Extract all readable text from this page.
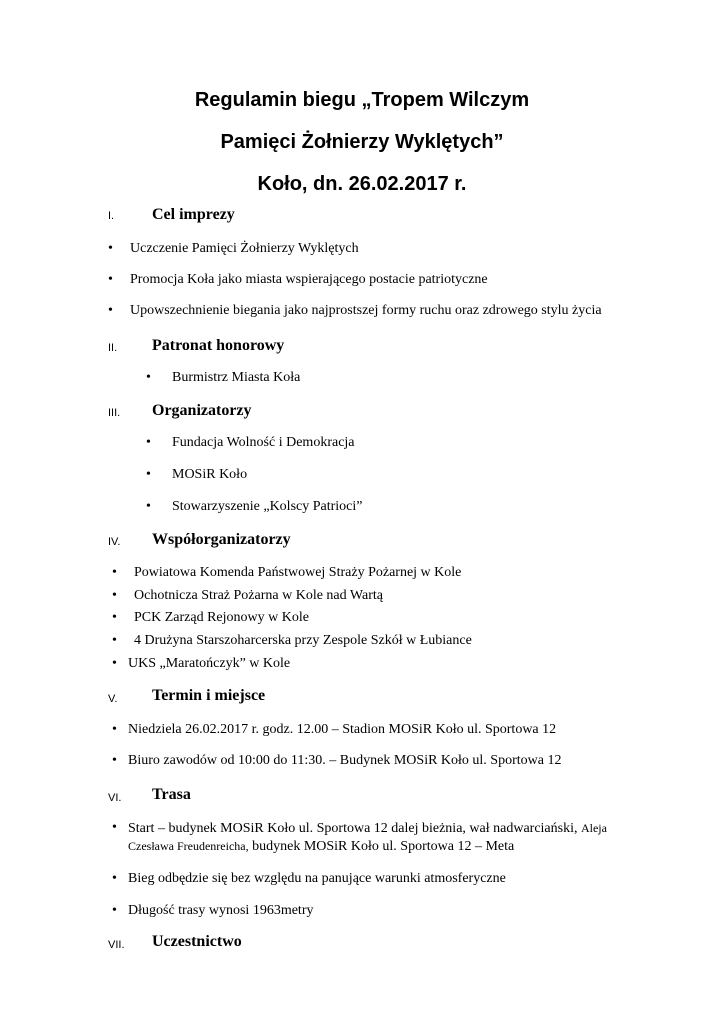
Regulamin biegu „Tropem Wilczym
Pamięci Żołnierzy Wyklętych”
Koło, dn. 26.02.2017 r.
I. Cel imprezy
• Uczczenie Pamięci Żołnierzy Wyklętych
• Promocja Koła jako miasta wspierającego postacie patriotyczne
• Upowszechnienie biegania jako najprostszej formy ruchu oraz zdrowego stylu życia
II. Patronat honorowy
• Burmistrz Miasta Koła
III. Organizatorzy
• Fundacja Wolność i Demokracja
• MOSiR Koło
• Stowarzyszenie „Kolscy Patrioci”
IV. Współorganizatorzy
• Powiatowa Komenda Państwowej Straży Pożarnej w Kole
• Ochotnicza Straż Pożarna w Kole nad Wartą
• PCK Zarząd Rejonowy w Kole
• 4 Drużyna Starszoharcerska przy Zespole Szkół w Łubiance
• UKS „Maratończyk” w Kole
V. Termin i miejsce
• Niedziela 26.02.2017 r. godz. 12.00 – Stadion MOSiR Koło ul. Sportowa 12
• Biuro zawodów od 10:00 do 11:30. – Budynek MOSiR Koło ul. Sportowa 12
VI. Trasa
• Start – budynek MOSiR Koło ul. Sportowa 12 dalej bieżnia, wał nadwarciański, Aleja
Czesława Freudenreicha, budynek MOSiR Koło ul. Sportowa 12 – Meta
• Bieg odbędzie się bez względu na panujące warunki atmosferyczne
• Długość trasy wynosi 1963metry
VII. Uczestnictwo
